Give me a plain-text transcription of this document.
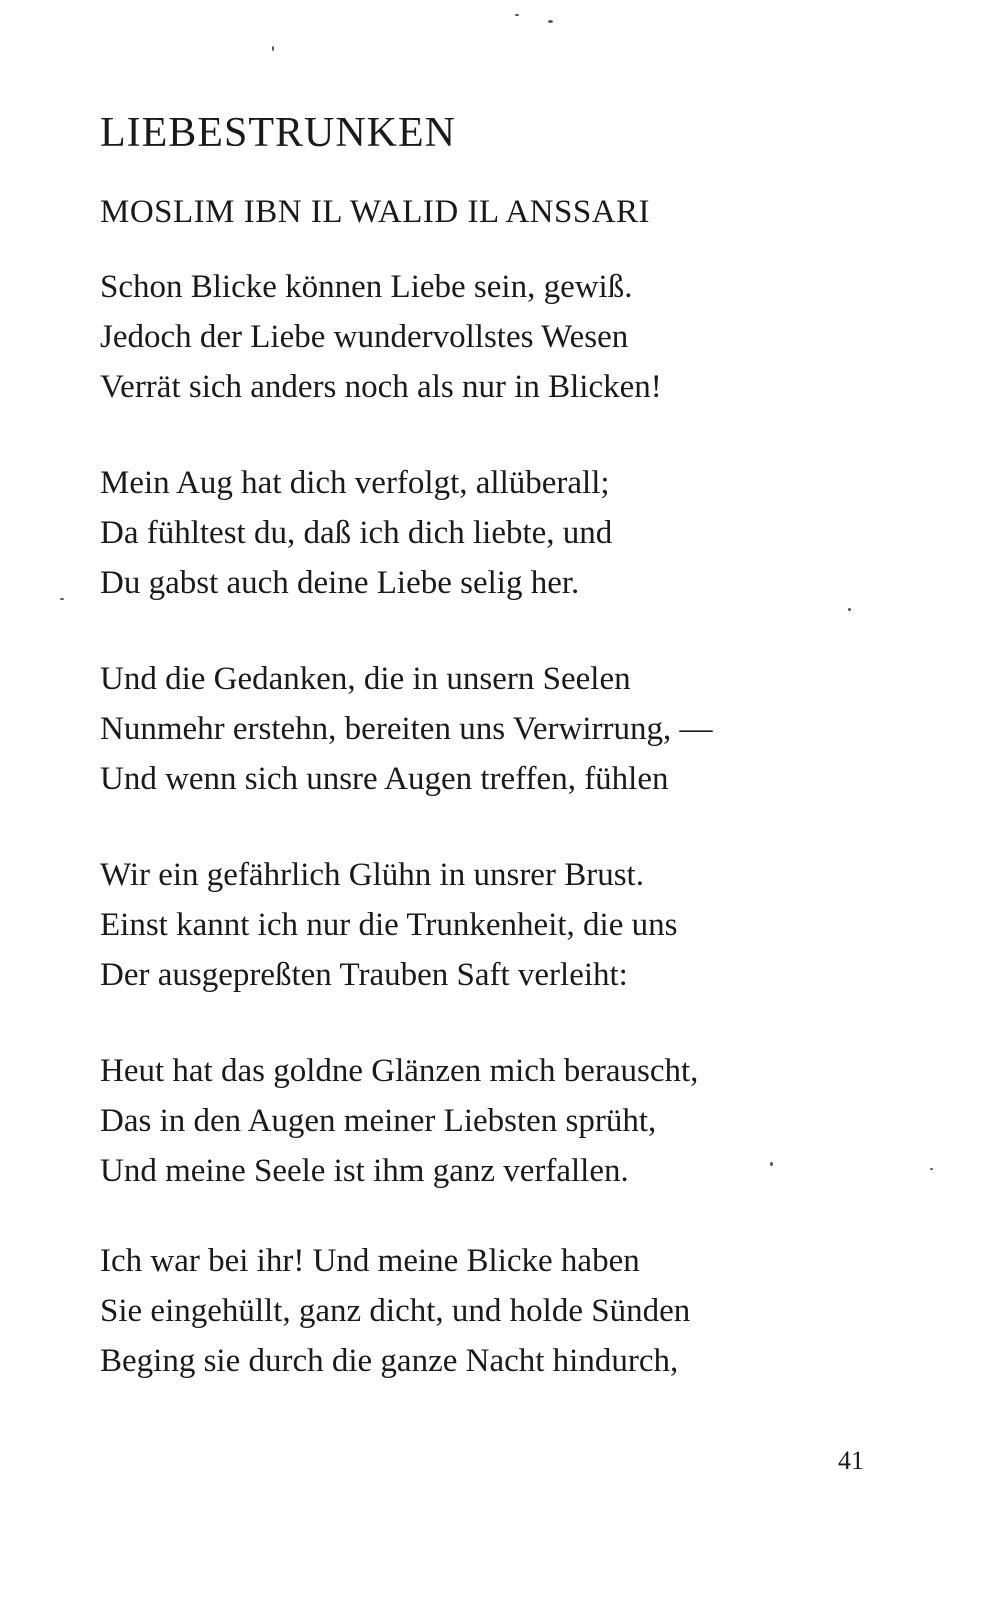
LIEBESTRUNKEN
MOSLIM IBN IL WALID IL ANSSARI
Schon Blicke können Liebe sein, gewiß.
Jedoch der Liebe wundervollstes Wesen
Verrät sich anders noch als nur in Blicken!
Mein Aug hat dich verfolgt, allüberall;
Da fühltest du, daß ich dich liebte, und
Du gabst auch deine Liebe selig her.
Und die Gedanken, die in unsern Seelen
Nunmehr erstehn, bereiten uns Verwirrung, —
Und wenn sich unsre Augen treffen, fühlen
Wir ein gefährlich Glühn in unsrer Brust.
Einst kannt ich nur die Trunkenheit, die uns
Der ausgepreßten Trauben Saft verleiht:
Heut hat das goldne Glänzen mich berauscht,
Das in den Augen meiner Liebsten sprüht,
Und meine Seele ist ihm ganz verfallen.
Ich war bei ihr! Und meine Blicke haben
Sie eingehüllt, ganz dicht, und holde Sünden
Beging sie durch die ganze Nacht hindurch,
41
